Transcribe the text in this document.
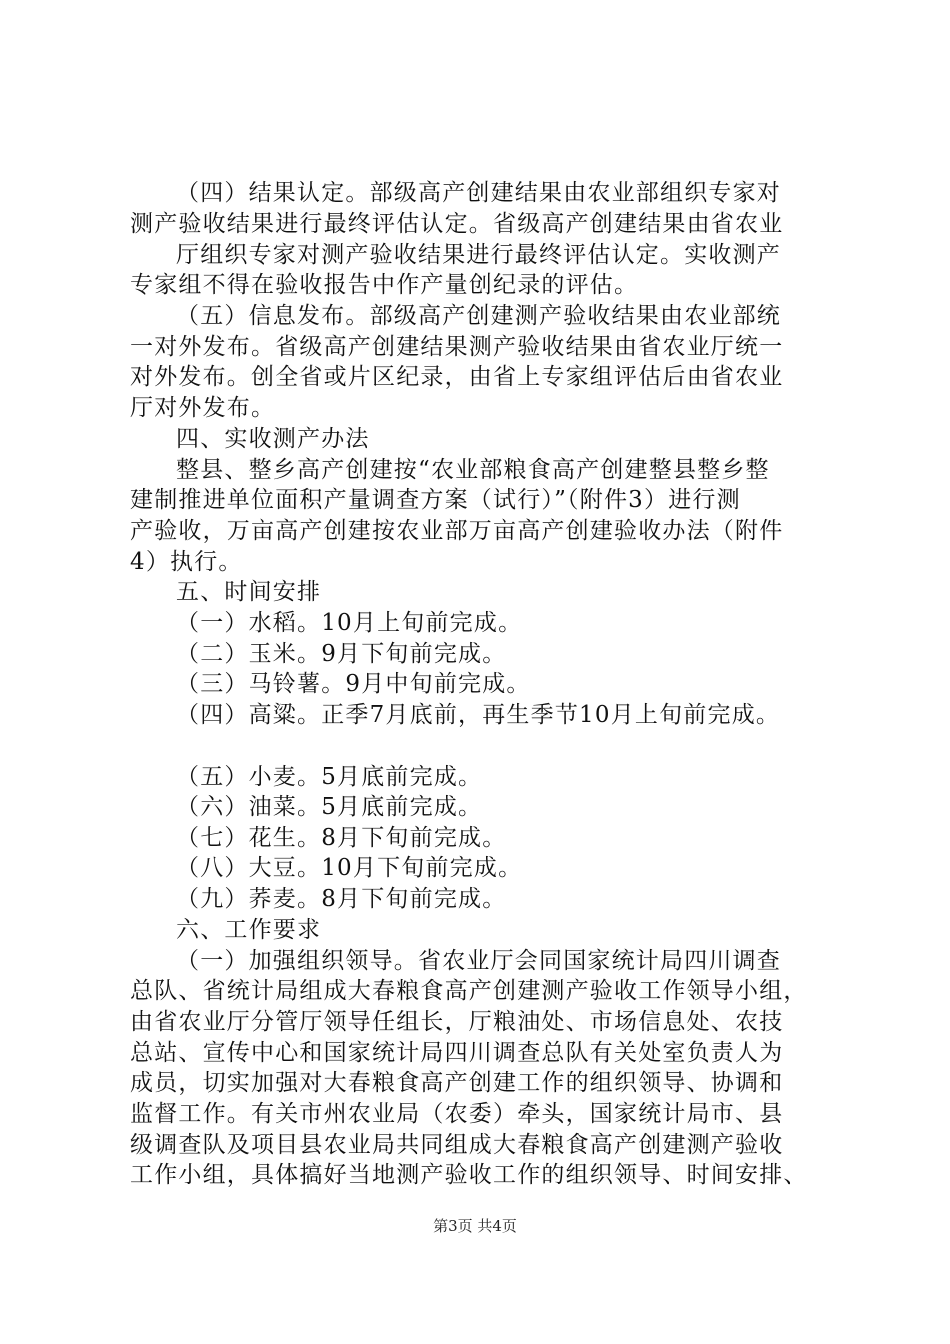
（四）结果认定。部级高产创建结果由农业部组织专家对
测产验收结果进行最终评估认定。省级高产创建结果由省农业
厅组织专家对测产验收结果进行最终评估认定。实收测产
专家组不得在验收报告中作产量创纪录的评估。
（五）信息发布。部级高产创建测产验收结果由农业部统
一对外发布。省级高产创建结果测产验收结果由省农业厅统一
对外发布。创全省或片区纪录，由省上专家组评估后由省农业
厅对外发布。
四、实收测产办法
整县、整乡高产创建按“农业部粮食高产创建整县整乡整
建制推进单位面积产量调查方案（试行）”（附件3）进行测
产验收，万亩高产创建按农业部万亩高产创建验收办法（附件
4）执行。
五、时间安排
（一）水稻。10月上旬前完成。
（二）玉米。9月下旬前完成。
（三）马铃薯。9月中旬前完成。
（四）高粱。正季7月底前，再生季节10月上旬前完成。
（五）小麦。5月底前完成。
（六）油菜。5月底前完成。
（七）花生。8月下旬前完成。
（八）大豆。10月下旬前完成。
（九）荞麦。8月下旬前完成。
六、工作要求
（一）加强组织领导。省农业厅会同国家统计局四川调查
总队、省统计局组成大春粮食高产创建测产验收工作领导小组，
由省农业厅分管厅领导任组长，厅粮油处、市场信息处、农技
总站、宣传中心和国家统计局四川调查总队有关处室负责人为
成员，切实加强对大春粮食高产创建工作的组织领导、协调和
监督工作。有关市州农业局（农委）牵头，国家统计局市、县
级调查队及项目县农业局共同组成大春粮食高产创建测产验收
工作小组，具体搞好当地测产验收工作的组织领导、时间安排、
第3页 共4页
